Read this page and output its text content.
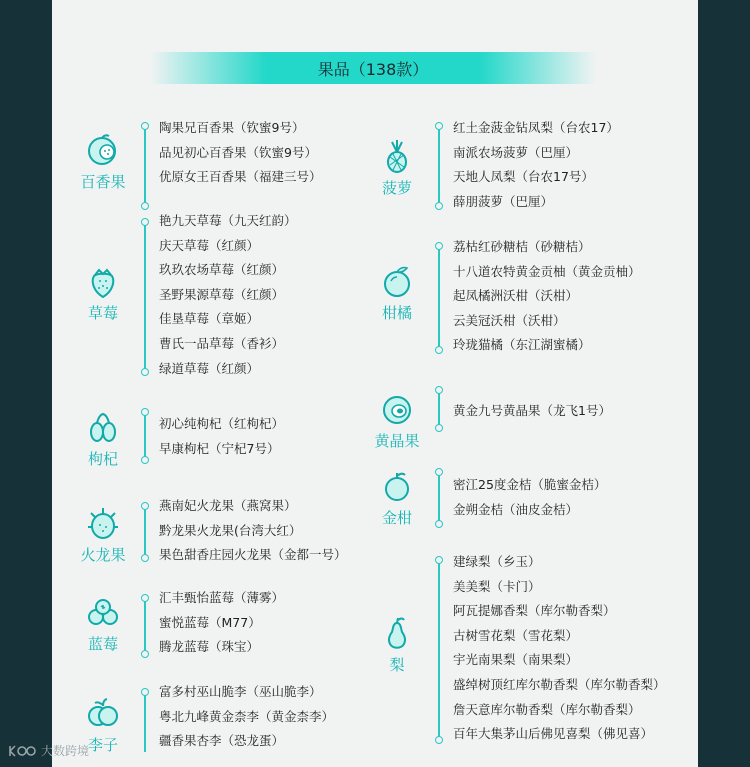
果品（138款）
百香果
陶果兄百香果（钦蜜9号）
品见初心百香果（钦蜜9号）
优原女王百香果（福建三号）
草莓
艳九天草莓（九天红韵）
庆天草莓（红颜）
玖玖农场草莓（红颜）
圣野果源草莓（红颜）
佳垦草莓（章姬）
曹氏一品草莓（香衫）
绿道草莓（红颜）
枸杞
初心纯枸杞（红枸杞）
早康枸杞（宁杞7号）
火龙果
燕南妃火龙果（燕窝果）
黔龙果火龙果(台湾大红）
果色甜香庄园火龙果（金都一号）
蓝莓
汇丰甄怡蓝莓（薄雾）
蜜悦蓝莓（M77）
腾龙蓝莓（珠宝）
李子
富多村巫山脆李（巫山脆李）
粤北九峰黄金柰李（黄金柰李）
疆香果杏李（恐龙蛋）
菠萝
红土金菠金钻凤梨（台农17）
南派农场菠萝（巴厘）
天地人凤梨（台农17号）
薛朋菠萝（巴厘）
柑橘
荔枯红砂糖桔（砂糖桔）
十八道农特黄金贡柚（黄金贡柚）
起凤橘洲沃柑（沃柑）
云美冠沃柑（沃柑）
玲珑猫橘（东江湖蜜橘）
黄晶果
黄金九号黄晶果（龙飞1号）
金柑
密江25度金桔（脆蜜金桔）
金朔金桔（油皮金桔）
梨
建绿梨（乡玉）
美美梨（卡门）
阿瓦提娜香梨（库尔勒香梨）
古树雪花梨（雪花梨）
宇光南果梨（南果梨）
盛绰树顶红库尔勒香梨（库尔勒香梨）
詹天意库尔勒香梨（库尔勒香梨）
百年大集茅山后佛见喜梨（佛见喜）
大数跨境
